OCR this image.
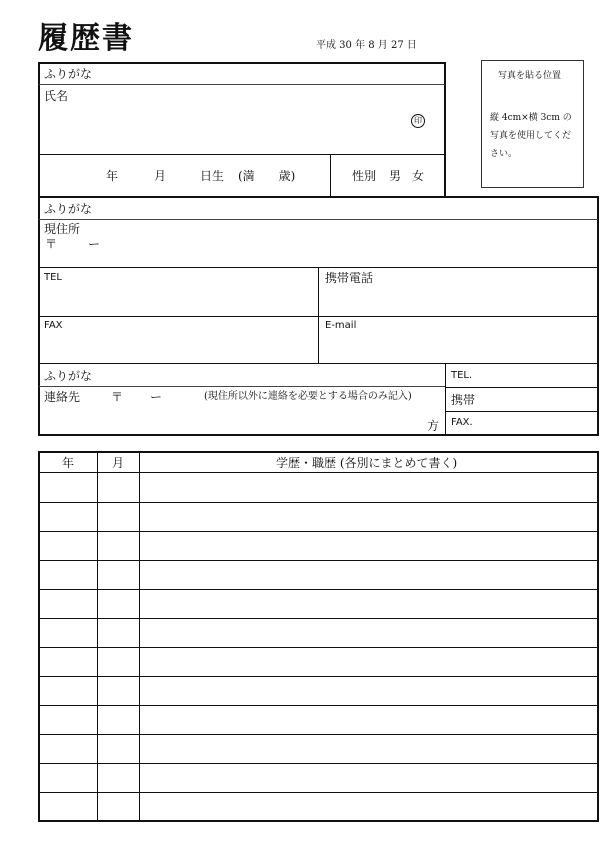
履歴書	平成 30 年 8 月 27 日
写真を貼る位置
縦 4cm×横 3cm の写真を使用してください。
ふりがな
氏名
印
年	月	日生 (満　　歳)	性別 男 女
ふりがな
現住所
〒	ー
TEL	携帯電話
FAX	E-mail
ふりがな
連絡先	〒 ー	(現住所以外に連絡を必要とする場合のみ記入)
方
TEL.
携帯
FAX.
年	月	学歴・職歴 (各別にまとめて書く)
